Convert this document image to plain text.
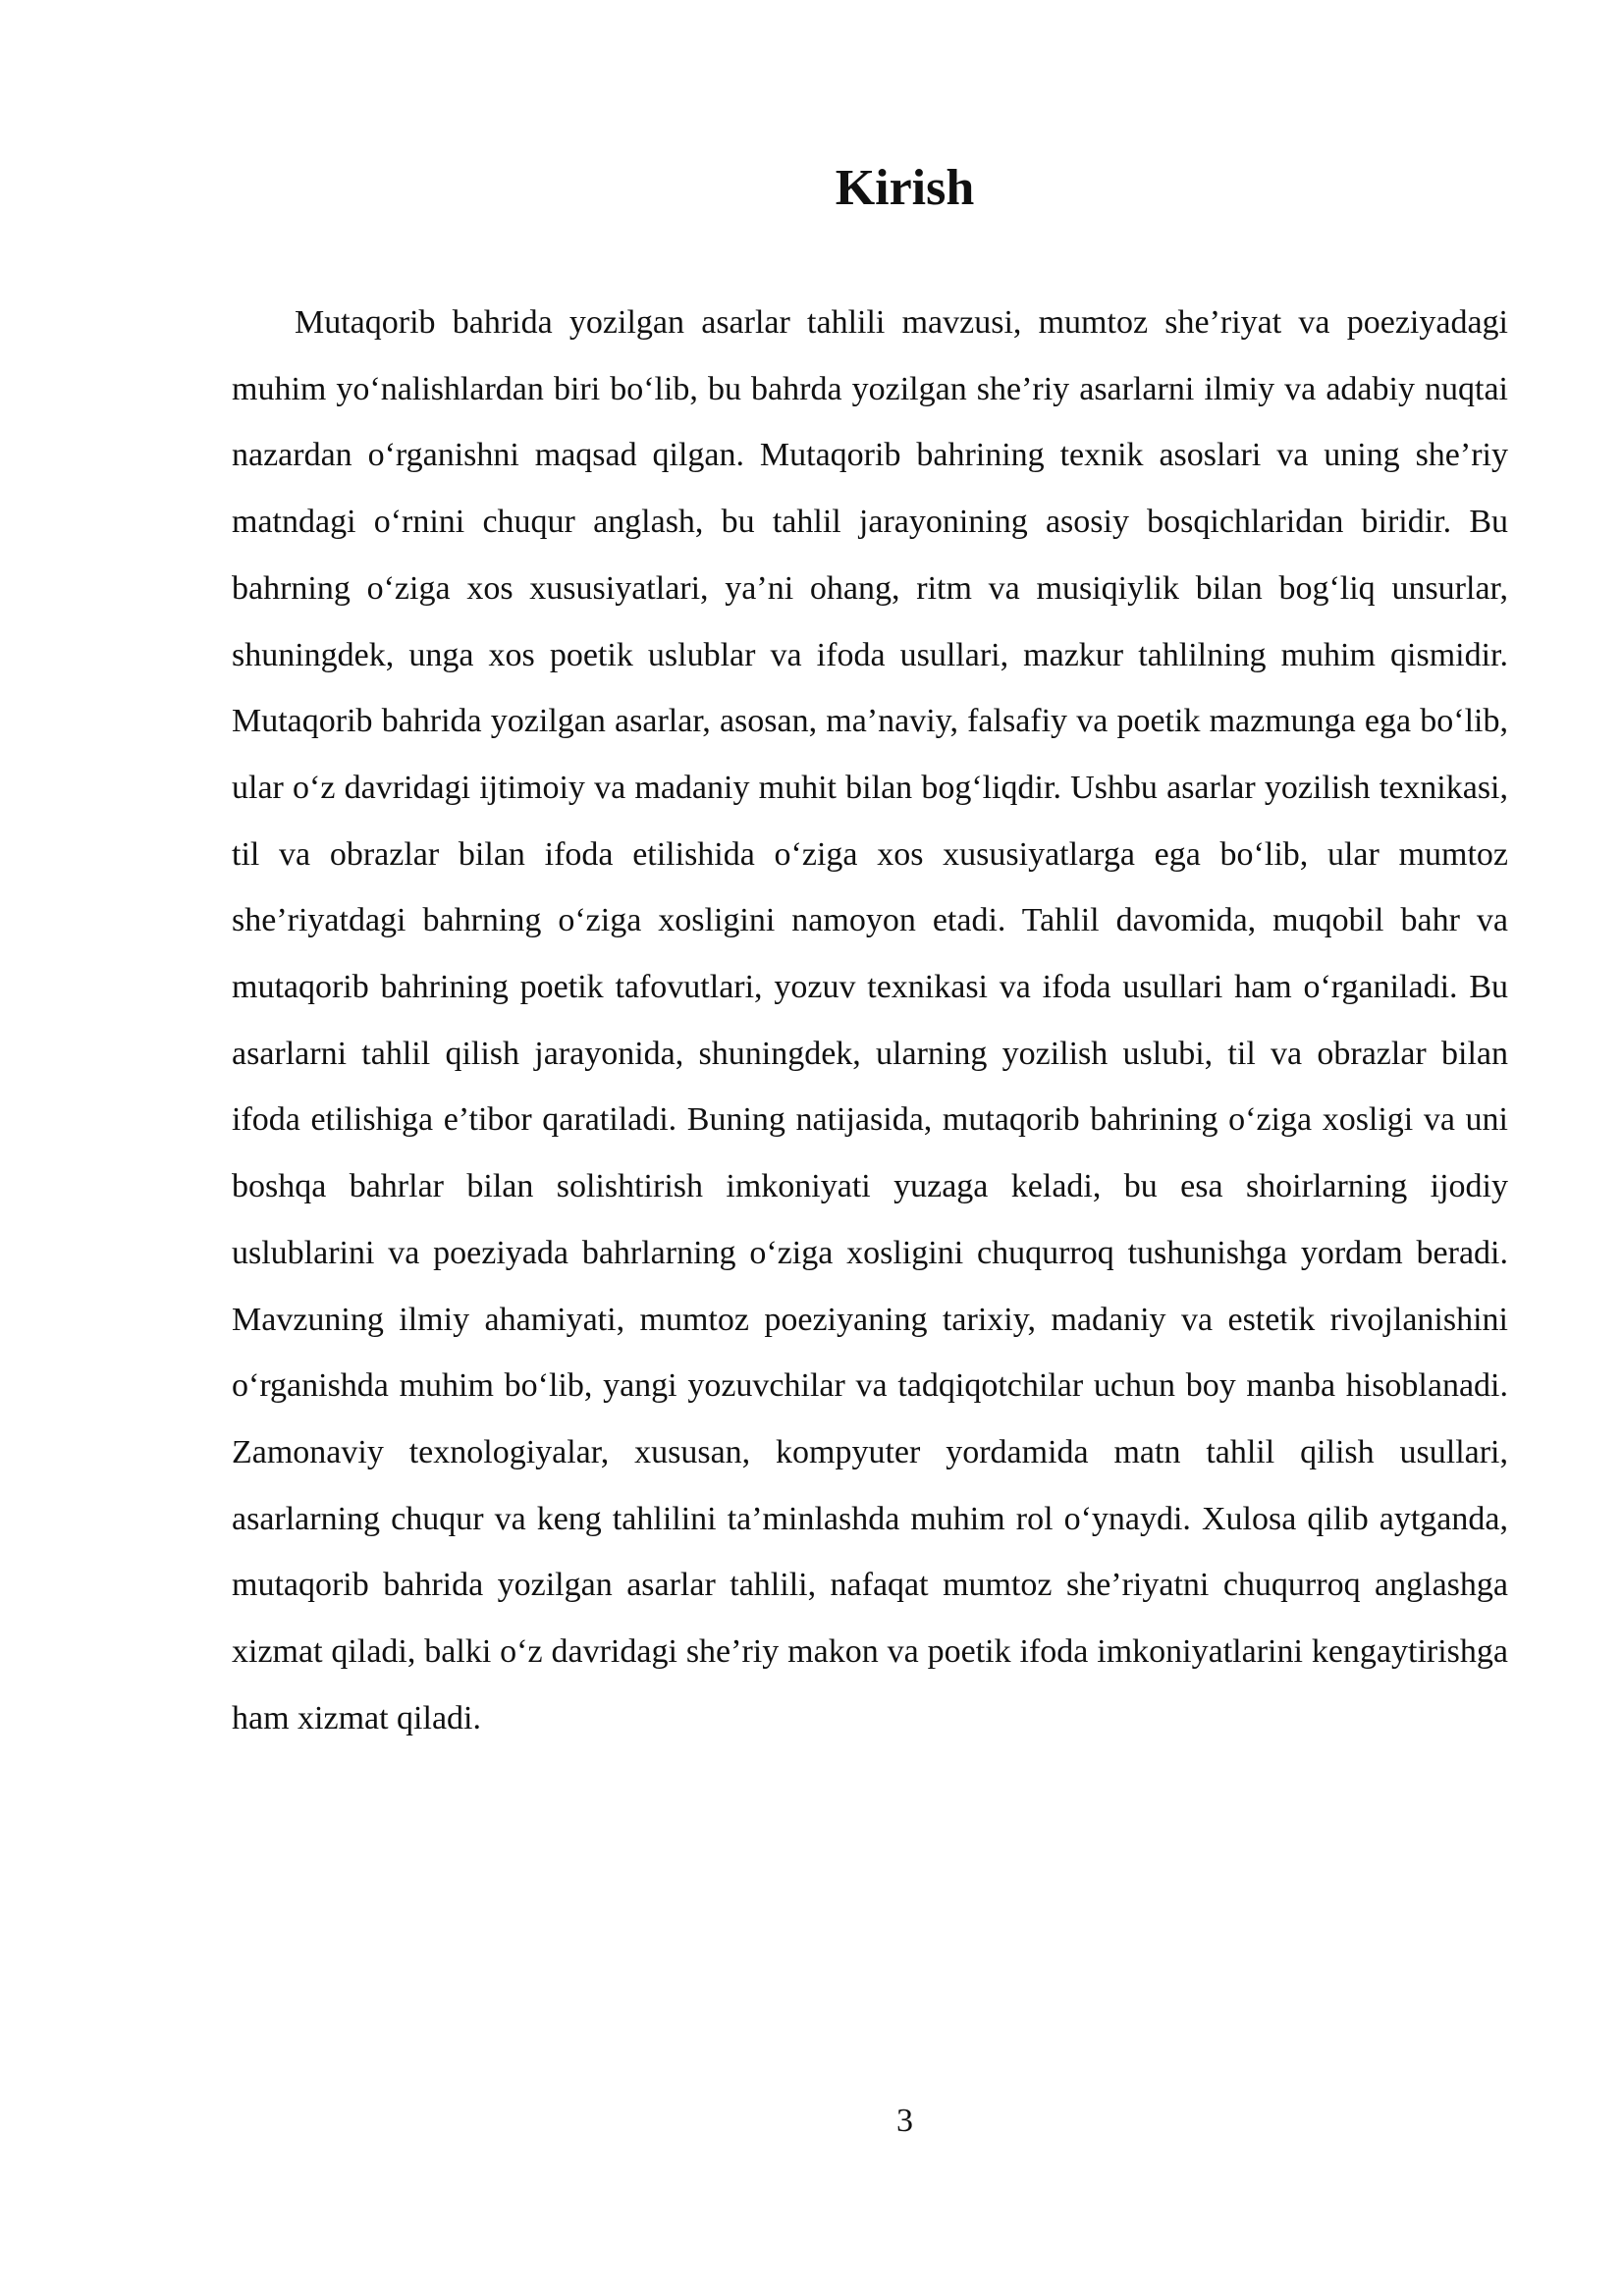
Kirish

Mutaqorib bahrida yozilgan asarlar tahlili mavzusi, mumtoz she’riyat va poeziyadagi muhim yo‘nalishlardan biri bo‘lib, bu bahrda yozilgan she’riy asarlarni ilmiy va adabiy nuqtai nazardan o‘rganishni maqsad qilgan. Mutaqorib bahrining texnik asoslari va uning she’riy matndagi o‘rnini chuqur anglash, bu tahlil jarayonining asosiy bosqichlaridan biridir. Bu bahrning o‘ziga xos xususiyatlari, ya’ni ohang, ritm va musiqiylik bilan bog‘liq unsurlar, shuningdek, unga xos poetik uslublar va ifoda usullari, mazkur tahlilning muhim qismidir. Mutaqorib bahrida yozilgan asarlar, asosan, ma’naviy, falsafiy va poetik mazmunga ega bo‘lib, ular o‘z davridagi ijtimoiy va madaniy muhit bilan bog‘liqdir. Ushbu asarlar yozilish texnikasi, til va obrazlar bilan ifoda etilishida o‘ziga xos xususiyatlarga ega bo‘lib, ular mumtoz she’riyatdagi bahrning o‘ziga xosligini namoyon etadi. Tahlil davomida, muqobil bahr va mutaqorib bahrining poetik tafovutlari, yozuv texnikasi va ifoda usullari ham o‘rganiladi. Bu asarlarni tahlil qilish jarayonida, shuningdek, ularning yozilish uslubi, til va obrazlar bilan ifoda etilishiga e’tibor qaratiladi. Buning natijasida, mutaqorib bahrining o‘ziga xosligi va uni boshqa bahrlar bilan solishtirish imkoniyati yuzaga keladi, bu esa shoirlarning ijodiy uslublarini va poeziyada bahrlarning o‘ziga xosligini chuqurroq tushunishga yordam beradi. Mavzuning ilmiy ahamiyati, mumtoz poeziyaning tarixiy, madaniy va estetik rivojlanishini o‘rganishda muhim bo‘lib, yangi yozuvchilar va tadqiqotchilar uchun boy manba hisoblanadi. Zamonaviy texnologiyalar, xususan, kompyuter yordamida matn tahlil qilish usullari, asarlarning chuqur va keng tahlilini ta’minlashda muhim rol o‘ynaydi. Xulosa qilib aytganda, mutaqorib bahrida yozilgan asarlar tahlili, nafaqat mumtoz she’riyatni chuqurroq anglashga xizmat qiladi, balki o‘z davridagi she’riy makon va poetik ifoda imkoniyatlarini kengaytirishga ham xizmat qiladi.

3
